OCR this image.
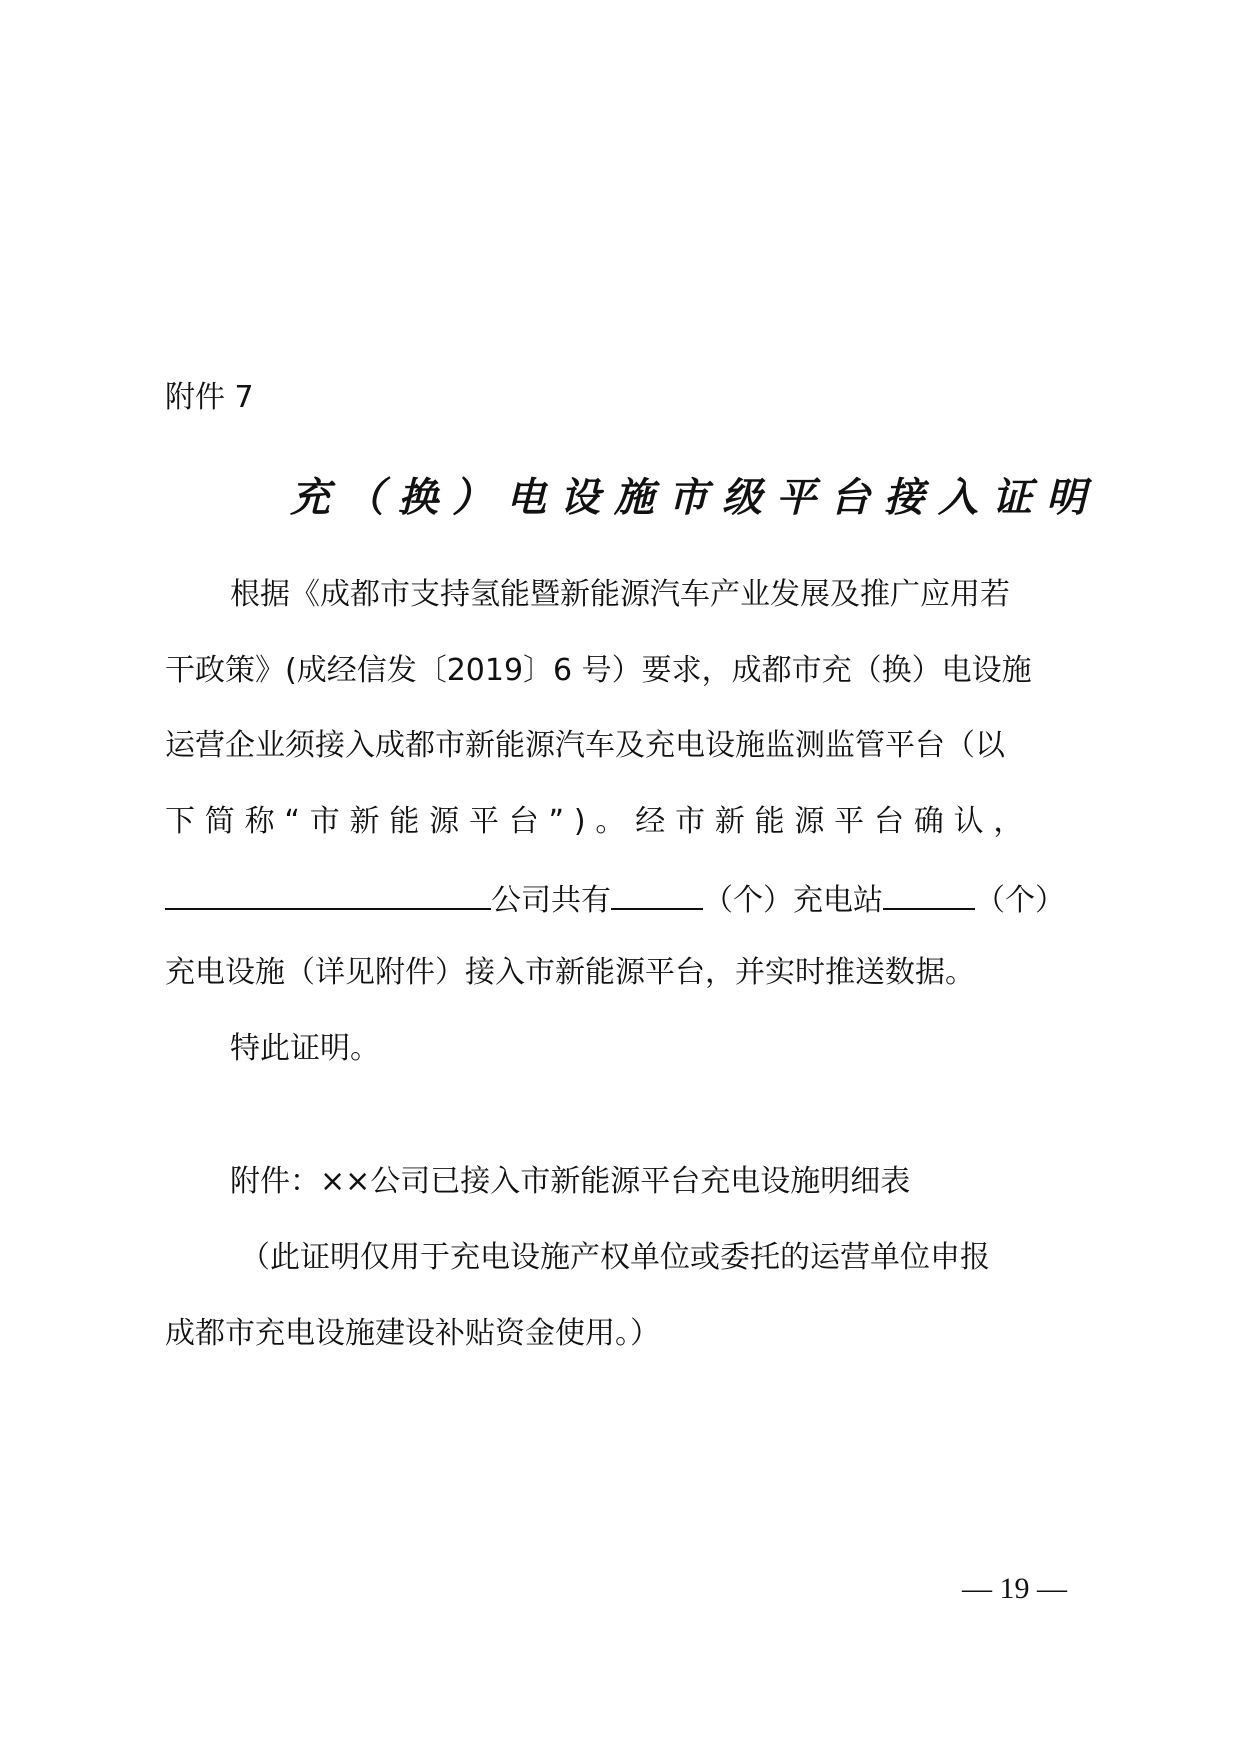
附件 7
充（换）电设施市级平台接入证明
根据《成都市支持氢能暨新能源汽车产业发展及推广应用若
干政策》(成经信发〔2019〕6 号）要求，成都市充（换）电设施
运营企业须接入成都市新能源汽车及充电设施监测监管平台（以
下简称“市新能源平台”)。经市新能源平台确认，
公司共有	（个）充电站	（个）
充电设施（详见附件）接入市新能源平台，并实时推送数据。
特此证明。
附件：××公司已接入市新能源平台充电设施明细表
（此证明仅用于充电设施产权单位或委托的运营单位申报
成都市充电设施建设补贴资金使用。）
— 19 —
